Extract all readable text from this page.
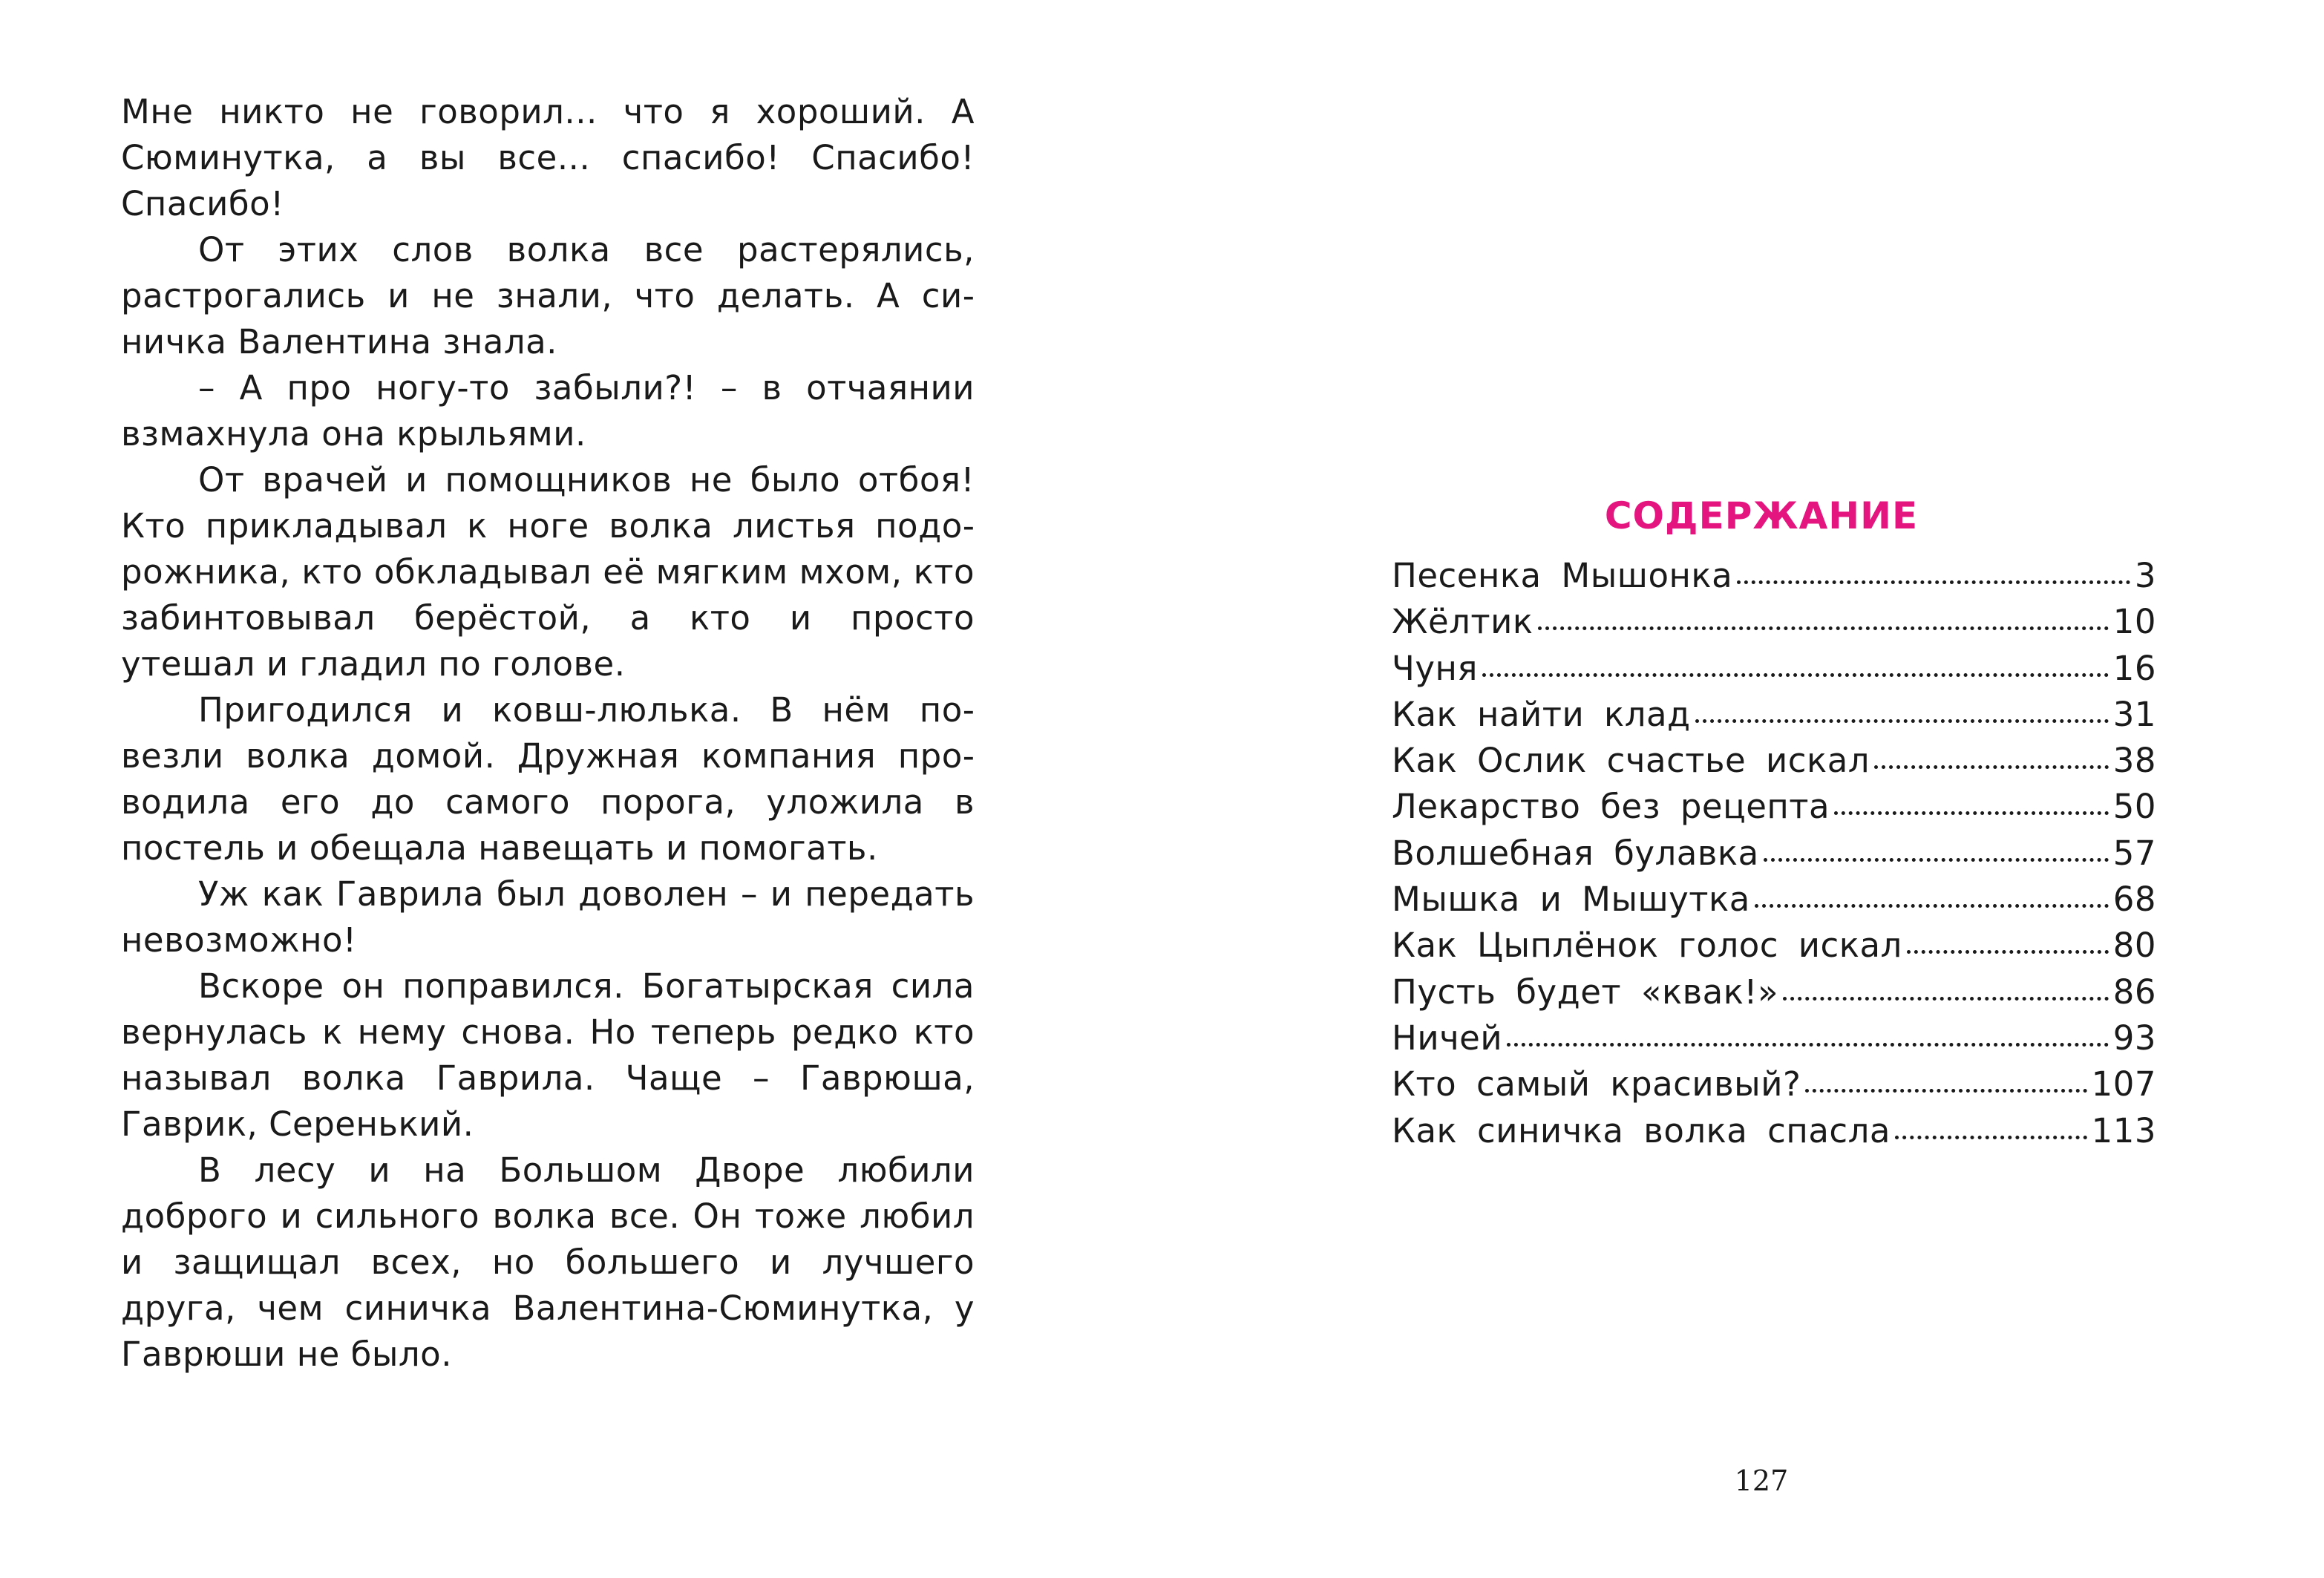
Мне никто не говорил... что я хороший. А Сюминутка, а вы все... спасибо! Спасибо! Спасибо!

От этих слов волка все растерялись, растрогались и не знали, что делать. А синичка Валентина знала.

– А про ногу-то забыли?! – в отчаянии взмахнула она крыльями.

От врачей и помощников не было отбоя! Кто прикладывал к ноге волка листья подорожника, кто обкладывал её мягким мхом, кто забинтовывал берёстой, а кто и просто утешал и гладил по голове.

Пригодился и ковш-люлька. В нём повезли волка домой. Дружная компания проводила его до самого порога, уложила в постель и обещала навещать и помогать.

Уж как Гаврила был доволен – и передать невозможно!

Вскоре он поправился. Богатырская сила вернулась к нему снова. Но теперь редко кто называл волка Гаврила. Чаще – Гаврюша, Гаврик, Серенький.

В лесу и на Большом Дворе любили доброго и сильного волка все. Он тоже любил и защищал всех, но большего и лучшего друга, чем синичка Валентина-Сюминутка, у Гаврюши не было.

СОДЕРЖАНИЕ
Песенка Мышонка	3
Жёлтик	10
Чуня	16
Как найти клад	31
Как Ослик счастье искал	38
Лекарство без рецепта	50
Волшебная булавка	57
Мышка и Мышутка	68
Как Цыплёнок голос искал	80
Пусть будет «квак!»	86
Ничей	93
Кто самый красивый?	107
Как синичка волка спасла	113

127
